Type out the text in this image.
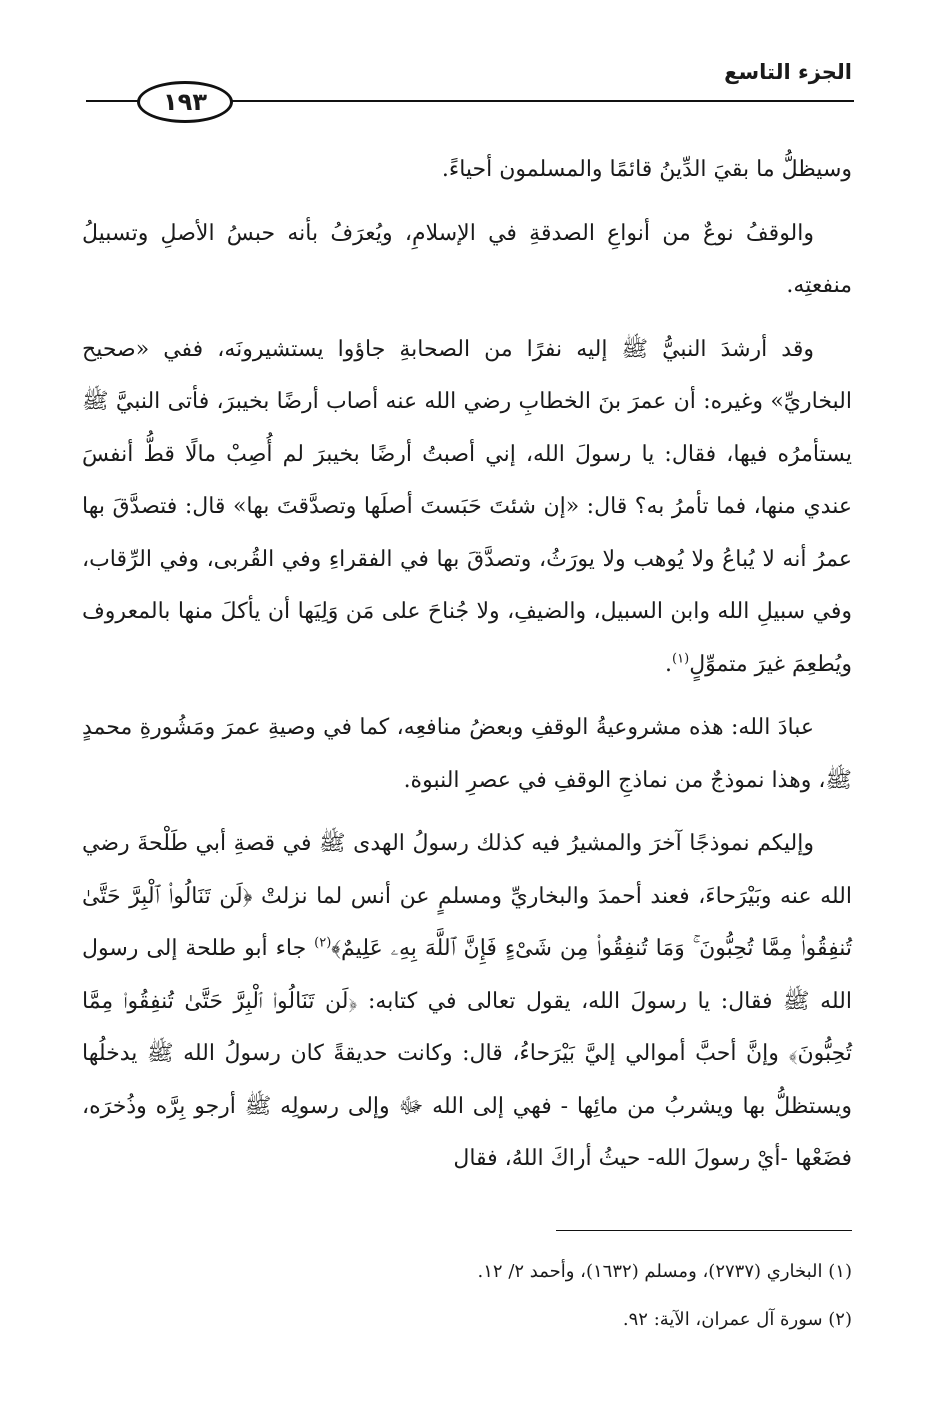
الجزء التاسع
١٩٣

وسيظلُّ ما بقيَ الدِّينُ قائمًا والمسلمون أحياءً.

والوقفُ نوعٌ من أنواعِ الصدقةِ في الإسلامِ، ويُعرَفُ بأنه حبسُ الأصلِ وتسبيلُ منفعتِه.

وقد أرشدَ النبيُّ ﷺ إليه نفرًا من الصحابةِ جاؤوا يستشيرونَه، ففي «صحيح البخاريِّ» وغيره: أن عمرَ بنَ الخطابِ رضي الله عنه أصاب أرضًا بخيبرَ، فأتى النبيَّ ﷺ يستأمرُه فيها، فقال: يا رسولَ الله، إني أصبتُ أرضًا بخيبرَ لم أُصِبْ مالًا قطُّ أنفسَ عندي منها، فما تأمرُ به؟ قال: «إن شئتَ حَبَستَ أصلَها وتصدَّقتَ بها» قال: فتصدَّقَ بها عمرُ أنه لا يُباعُ ولا يُوهب ولا يورَثُ، وتصدَّقَ بها في الفقراءِ وفي القُربى، وفي الرِّقاب، وفي سبيلِ الله وابن السبيل، والضيفِ، ولا جُناحَ على مَن وَلِيَها أن يأكلَ منها بالمعروف ويُطعِمَ غيرَ متموِّلٍ$^{(١)}$.

عبادَ الله: هذه مشروعيةُ الوقفِ وبعضُ منافعِه، كما في وصيةِ عمرَ ومَشُورةِ محمدٍ ﷺ، وهذا نموذجٌ من نماذجِ الوقفِ في عصرِ النبوة.

وإليكم نموذجًا آخرَ والمشيرُ فيه كذلك رسولُ الهدى ﷺ في قصةِ أبي طَلْحةَ رضي الله عنه وبَيْرَحاءَ، فعند أحمدَ والبخاريِّ ومسلمٍ عن أنس لما نزلتْ ﴿لَن تَنَالُوا۟ ٱلْبِرَّ حَتَّىٰ تُنفِقُوا۟ مِمَّا تُحِبُّونَ ۚ وَمَا تُنفِقُوا۟ مِن شَىْءٍ فَإِنَّ ٱللَّهَ بِهِۦ عَلِيمٌ﴾$^{(٢)}$ جاء أبو طلحة إلى رسول الله ﷺ فقال: يا رسولَ الله، يقول تعالى في كتابه: ﴿لَن تَنَالُوا۟ ٱلْبِرَّ حَتَّىٰ تُنفِقُوا۟ مِمَّا تُحِبُّونَ﴾ وإنَّ أحبَّ أموالي إليَّ بَيْرَحاءُ، قال: وكانت حديقةً كان رسولُ الله ﷺ يدخلُها ويستظلُّ بها ويشربُ من مائِها - فهي إلى الله ﷻ وإلى رسولِه ﷺ أرجو بِرَّه وذُخرَه، فضَعْها -أيْ رسولَ الله- حيثُ أراكَ اللهُ، فقال

(١) البخاري (٢٧٣٧)، ومسلم (١٦٣٢)، وأحمد ٢/ ١٢.
(٢) سورة آل عمران، الآية: ٩٢.
